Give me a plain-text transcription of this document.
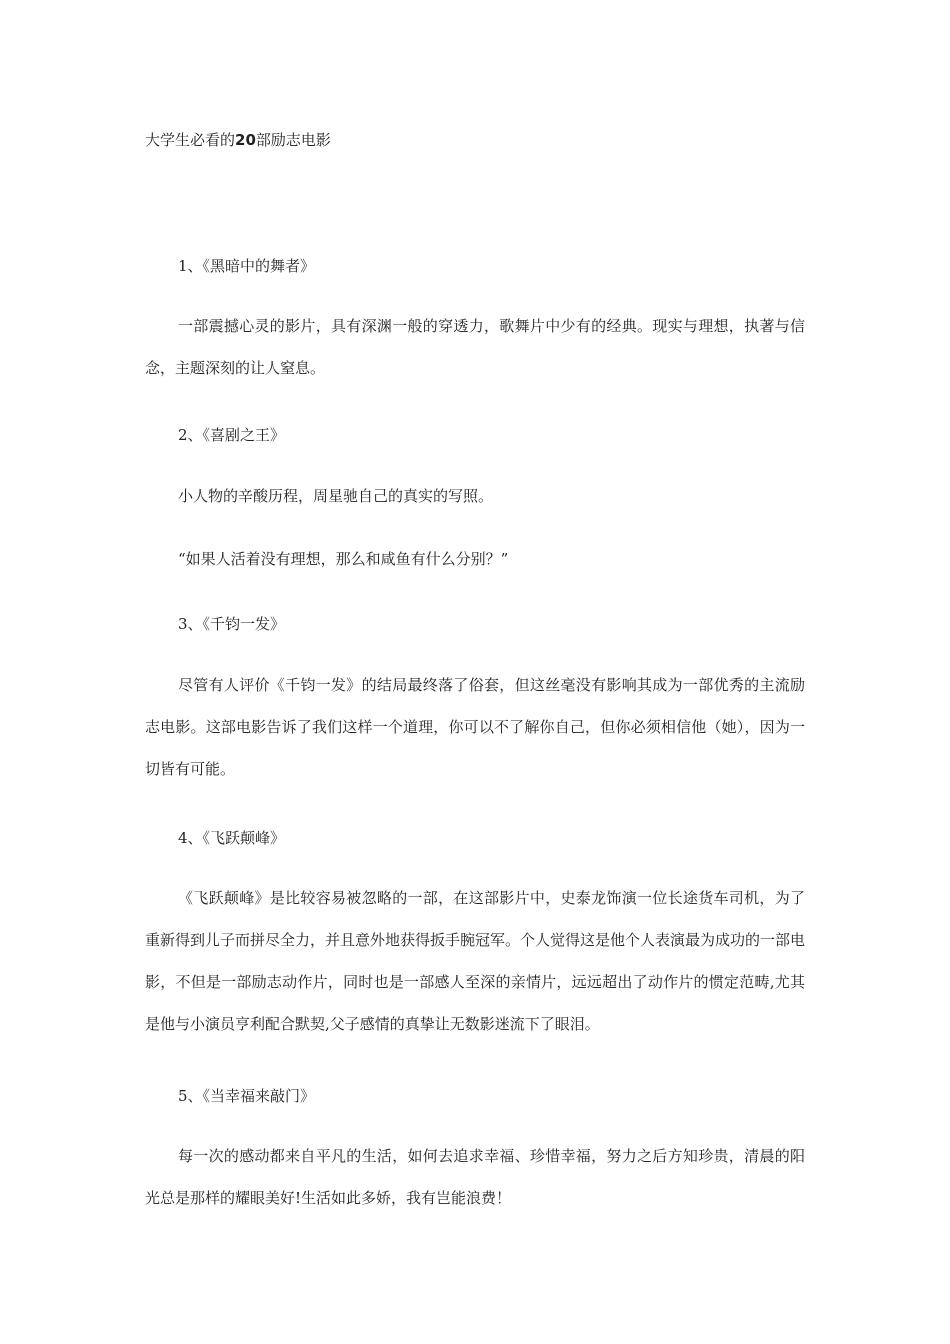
大学生必看的20部励志电影
1、《黑暗中的舞者》
一部震撼心灵的影片，具有深渊一般的穿透力，歌舞片中少有的经典。现实与理想，执著与信念，主题深刻的让人窒息。
2、《喜剧之王》
小人物的辛酸历程，周星驰自己的真实的写照。
“如果人活着没有理想，那么和咸鱼有什么分别？”
3、《千钧一发》
尽管有人评价《千钧一发》的结局最终落了俗套，但这丝毫没有影响其成为一部优秀的主流励志电影。这部电影告诉了我们这样一个道理，你可以不了解你自己，但你必须相信他（她），因为一切皆有可能。
4、《飞跃颠峰》
《飞跃颠峰》是比较容易被忽略的一部，在这部影片中，史泰龙饰演一位长途货车司机，为了重新得到儿子而拼尽全力，并且意外地获得扳手腕冠军。个人觉得这是他个人表演最为成功的一部电影，不但是一部励志动作片，同时也是一部感人至深的亲情片，远远超出了动作片的惯定范畴,尤其是他与小演员亨利配合默契,父子感情的真挚让无数影迷流下了眼泪。
5、《当幸福来敲门》
每一次的感动都来自平凡的生活，如何去追求幸福、珍惜幸福，努力之后方知珍贵，清晨的阳光总是那样的耀眼美好!生活如此多娇，我有岂能浪费！
